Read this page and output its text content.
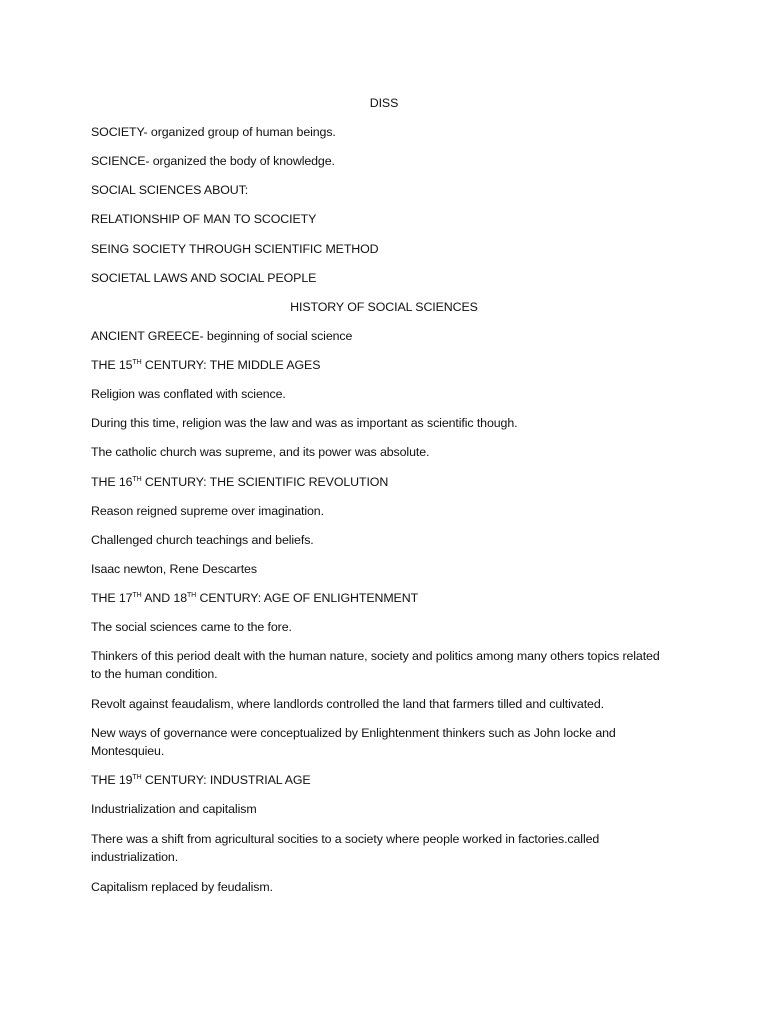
DISS
SOCIETY- organized group of human beings.
SCIENCE- organized the body of knowledge.
SOCIAL SCIENCES ABOUT:
RELATIONSHIP OF MAN TO SCOCIETY
SEING SOCIETY THROUGH SCIENTIFIC METHOD
SOCIETAL LAWS AND SOCIAL PEOPLE
HISTORY OF SOCIAL SCIENCES
ANCIENT GREECE- beginning of social science
THE 15TH CENTURY: THE MIDDLE AGES
Religion was conflated with science.
During this time, religion was the law and was as important as scientific though.
The catholic church was supreme, and its power was absolute.
THE 16TH CENTURY: THE SCIENTIFIC REVOLUTION
Reason reigned supreme over imagination.
Challenged church teachings and beliefs.
Isaac newton, Rene Descartes
THE 17TH AND 18TH CENTURY: AGE OF ENLIGHTENMENT
The social sciences came to the fore.
Thinkers of this period dealt with the human nature, society and politics among many others topics related to the human condition.
Revolt against feaudalism, where landlords controlled the land that farmers tilled and cultivated.
New ways of governance were conceptualized by Enlightenment thinkers such as John locke and Montesquieu.
THE 19TH CENTURY: INDUSTRIAL AGE
Industrialization and capitalism
There was a shift from agricultural socities to a society where people worked in factories.called industrialization.
Capitalism replaced by feudalism.
